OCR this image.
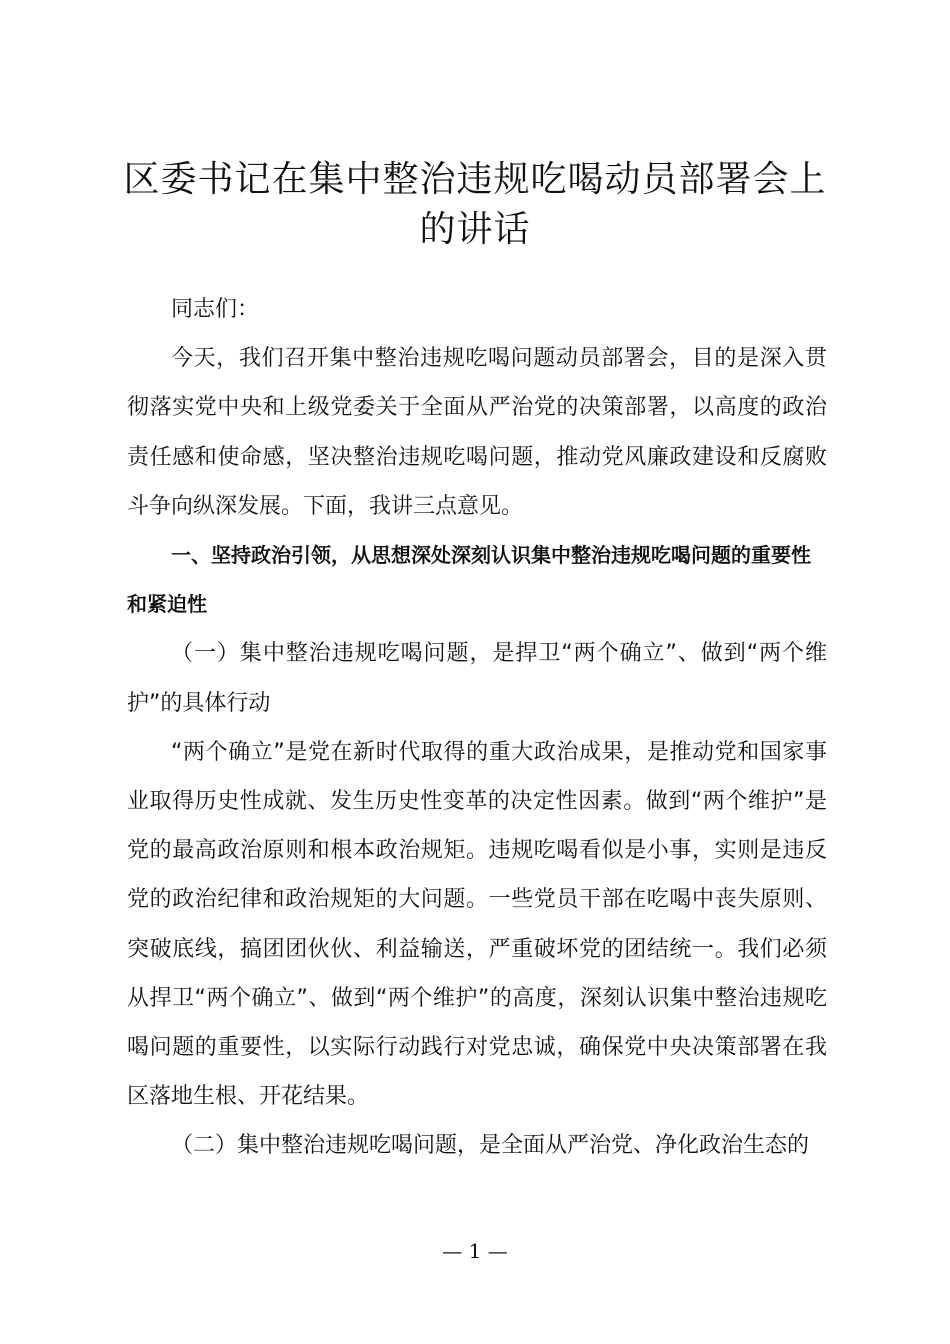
区委书记在集中整治违规吃喝动员部署会上的讲话

同志们：

今天，我们召开集中整治违规吃喝问题动员部署会，目的是深入贯彻落实党中央和上级党委关于全面从严治党的决策部署，以高度的政治责任感和使命感，坚决整治违规吃喝问题，推动党风廉政建设和反腐败斗争向纵深发展。下面，我讲三点意见。

一、坚持政治引领，从思想深处深刻认识集中整治违规吃喝问题的重要性和紧迫性

（一）集中整治违规吃喝问题，是捍卫“两个确立”、做到“两个维护”的具体行动

“两个确立”是党在新时代取得的重大政治成果，是推动党和国家事业取得历史性成就、发生历史性变革的决定性因素。做到“两个维护”是党的最高政治原则和根本政治规矩。违规吃喝看似是小事，实则是违反党的政治纪律和政治规矩的大问题。一些党员干部在吃喝中丧失原则、突破底线，搞团团伙伙、利益输送，严重破坏党的团结统一。我们必须从捍卫“两个确立”、做到“两个维护”的高度，深刻认识集中整治违规吃喝问题的重要性，以实际行动践行对党忠诚，确保党中央决策部署在我区落地生根、开花结果。

（二）集中整治违规吃喝问题，是全面从严治党、净化政治生态的

— 1 —
